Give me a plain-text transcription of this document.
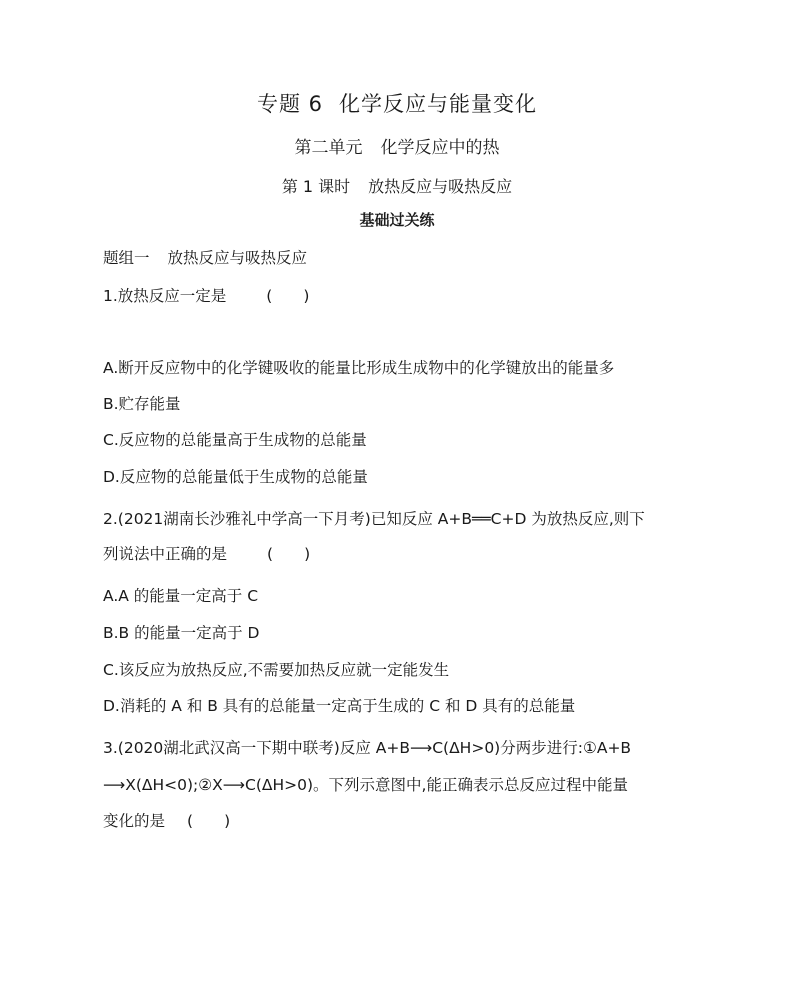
专题 6 化学反应与能量变化
第二单元 化学反应中的热
第 1 课时 放热反应与吸热反应
基础过关练
题组一 放热反应与吸热反应
1.放热反应一定是	(　　)
A.断开反应物中的化学键吸收的能量比形成生成物中的化学键放出的能量多
B.贮存能量
C.反应物的总能量高于生成物的总能量
D.反应物的总能量低于生成物的总能量
2.(2021湖南长沙雅礼中学高一下月考)已知反应 A+B══C+D 为放热反应,则下
列说法中正确的是	(　　)
A.A 的能量一定高于 C
B.B 的能量一定高于 D
C.该反应为放热反应,不需要加热反应就一定能发生
D.消耗的 A 和 B 具有的总能量一定高于生成的 C 和 D 具有的总能量
3.(2020湖北武汉高一下期中联考)反应 A+B⟶C(ΔH>0)分两步进行:①A+B
⟶X(ΔH<0);②X⟶C(ΔH>0)。下列示意图中,能正确表示总反应过程中能量
变化的是 (　　)
